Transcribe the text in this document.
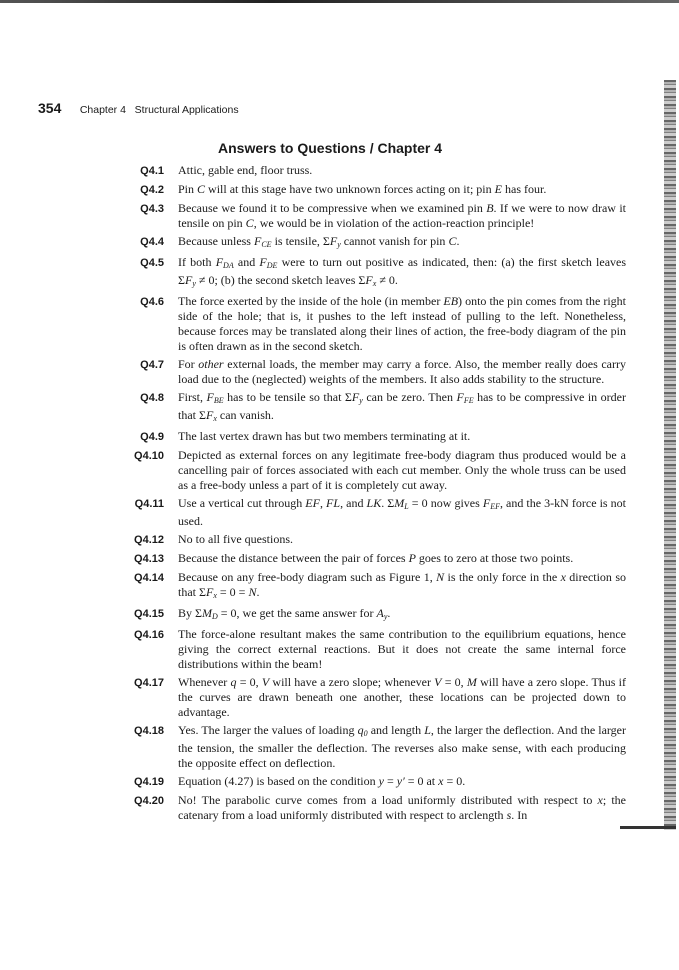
354 Chapter 4   Structural Applications
Answers to Questions / Chapter 4
Q4.1	Attic, gable end, floor truss.
Q4.2	Pin C will at this stage have two unknown forces acting on it; pin E has four.
Q4.3	Because we found it to be compressive when we examined pin B. If we were to now draw it tensile on pin C, we would be in violation of the action-reaction principle!
Q4.4	Because unless $F_{CE}$ is tensile, $\Sigma F_y$ cannot vanish for pin C.
Q4.5	If both $F_{DA}$ and $F_{DE}$ were to turn out positive as indicated, then: (a) the first sketch leaves $\Sigma F_y \ne 0$; (b) the second sketch leaves $\Sigma F_x \ne 0$.
Q4.6	The force exerted by the inside of the hole (in member EB) onto the pin comes from the right side of the hole; that is, it pushes to the left instead of pulling to the left. Nonetheless, because forces may be translated along their lines of action, the free-body diagram of the pin is often drawn as in the second sketch.
Q4.7	For other external loads, the member may carry a force. Also, the member really does carry load due to the (neglected) weights of the members. It also adds stability to the structure.
Q4.8	First, $F_{BE}$ has to be tensile so that $\Sigma F_y$ can be zero. Then $F_{FE}$ has to be compressive in order that $\Sigma F_x$ can vanish.
Q4.9	The last vertex drawn has but two members terminating at it.
Q4.10	Depicted as external forces on any legitimate free-body diagram thus produced would be a cancelling pair of forces associated with each cut member. Only the whole truss can be used as a free-body unless a part of it is completely cut away.
Q4.11	Use a vertical cut through EF, FL, and LK. $\Sigma M_L = 0$ now gives $F_{EF}$, and the 3-kN force is not used.
Q4.12	No to all five questions.
Q4.13	Because the distance between the pair of forces P goes to zero at those two points.
Q4.14	Because on any free-body diagram such as Figure 1, N is the only force in the x direction so that $\Sigma F_x = 0 = N$.
Q4.15	By $\Sigma M_D = 0$, we get the same answer for $A_y$.
Q4.16	The force-alone resultant makes the same contribution to the equilibrium equations, hence giving the correct external reactions. But it does not create the same internal force distributions within the beam!
Q4.17	Whenever q = 0, V will have a zero slope; whenever V = 0, M will have a zero slope. Thus if the curves are drawn beneath one another, these locations can be projected down to advantage.
Q4.18	Yes. The larger the values of loading $q_0$ and length L, the larger the deflection. And the larger the tension, the smaller the deflection. The reverses also make sense, with each producing the opposite effect on deflection.
Q4.19	Equation (4.27) is based on the condition y = y′ = 0 at x = 0.
Q4.20	No! The parabolic curve comes from a load uniformly distributed with respect to x; the catenary from a load uniformly distributed with respect to arclength s. In
